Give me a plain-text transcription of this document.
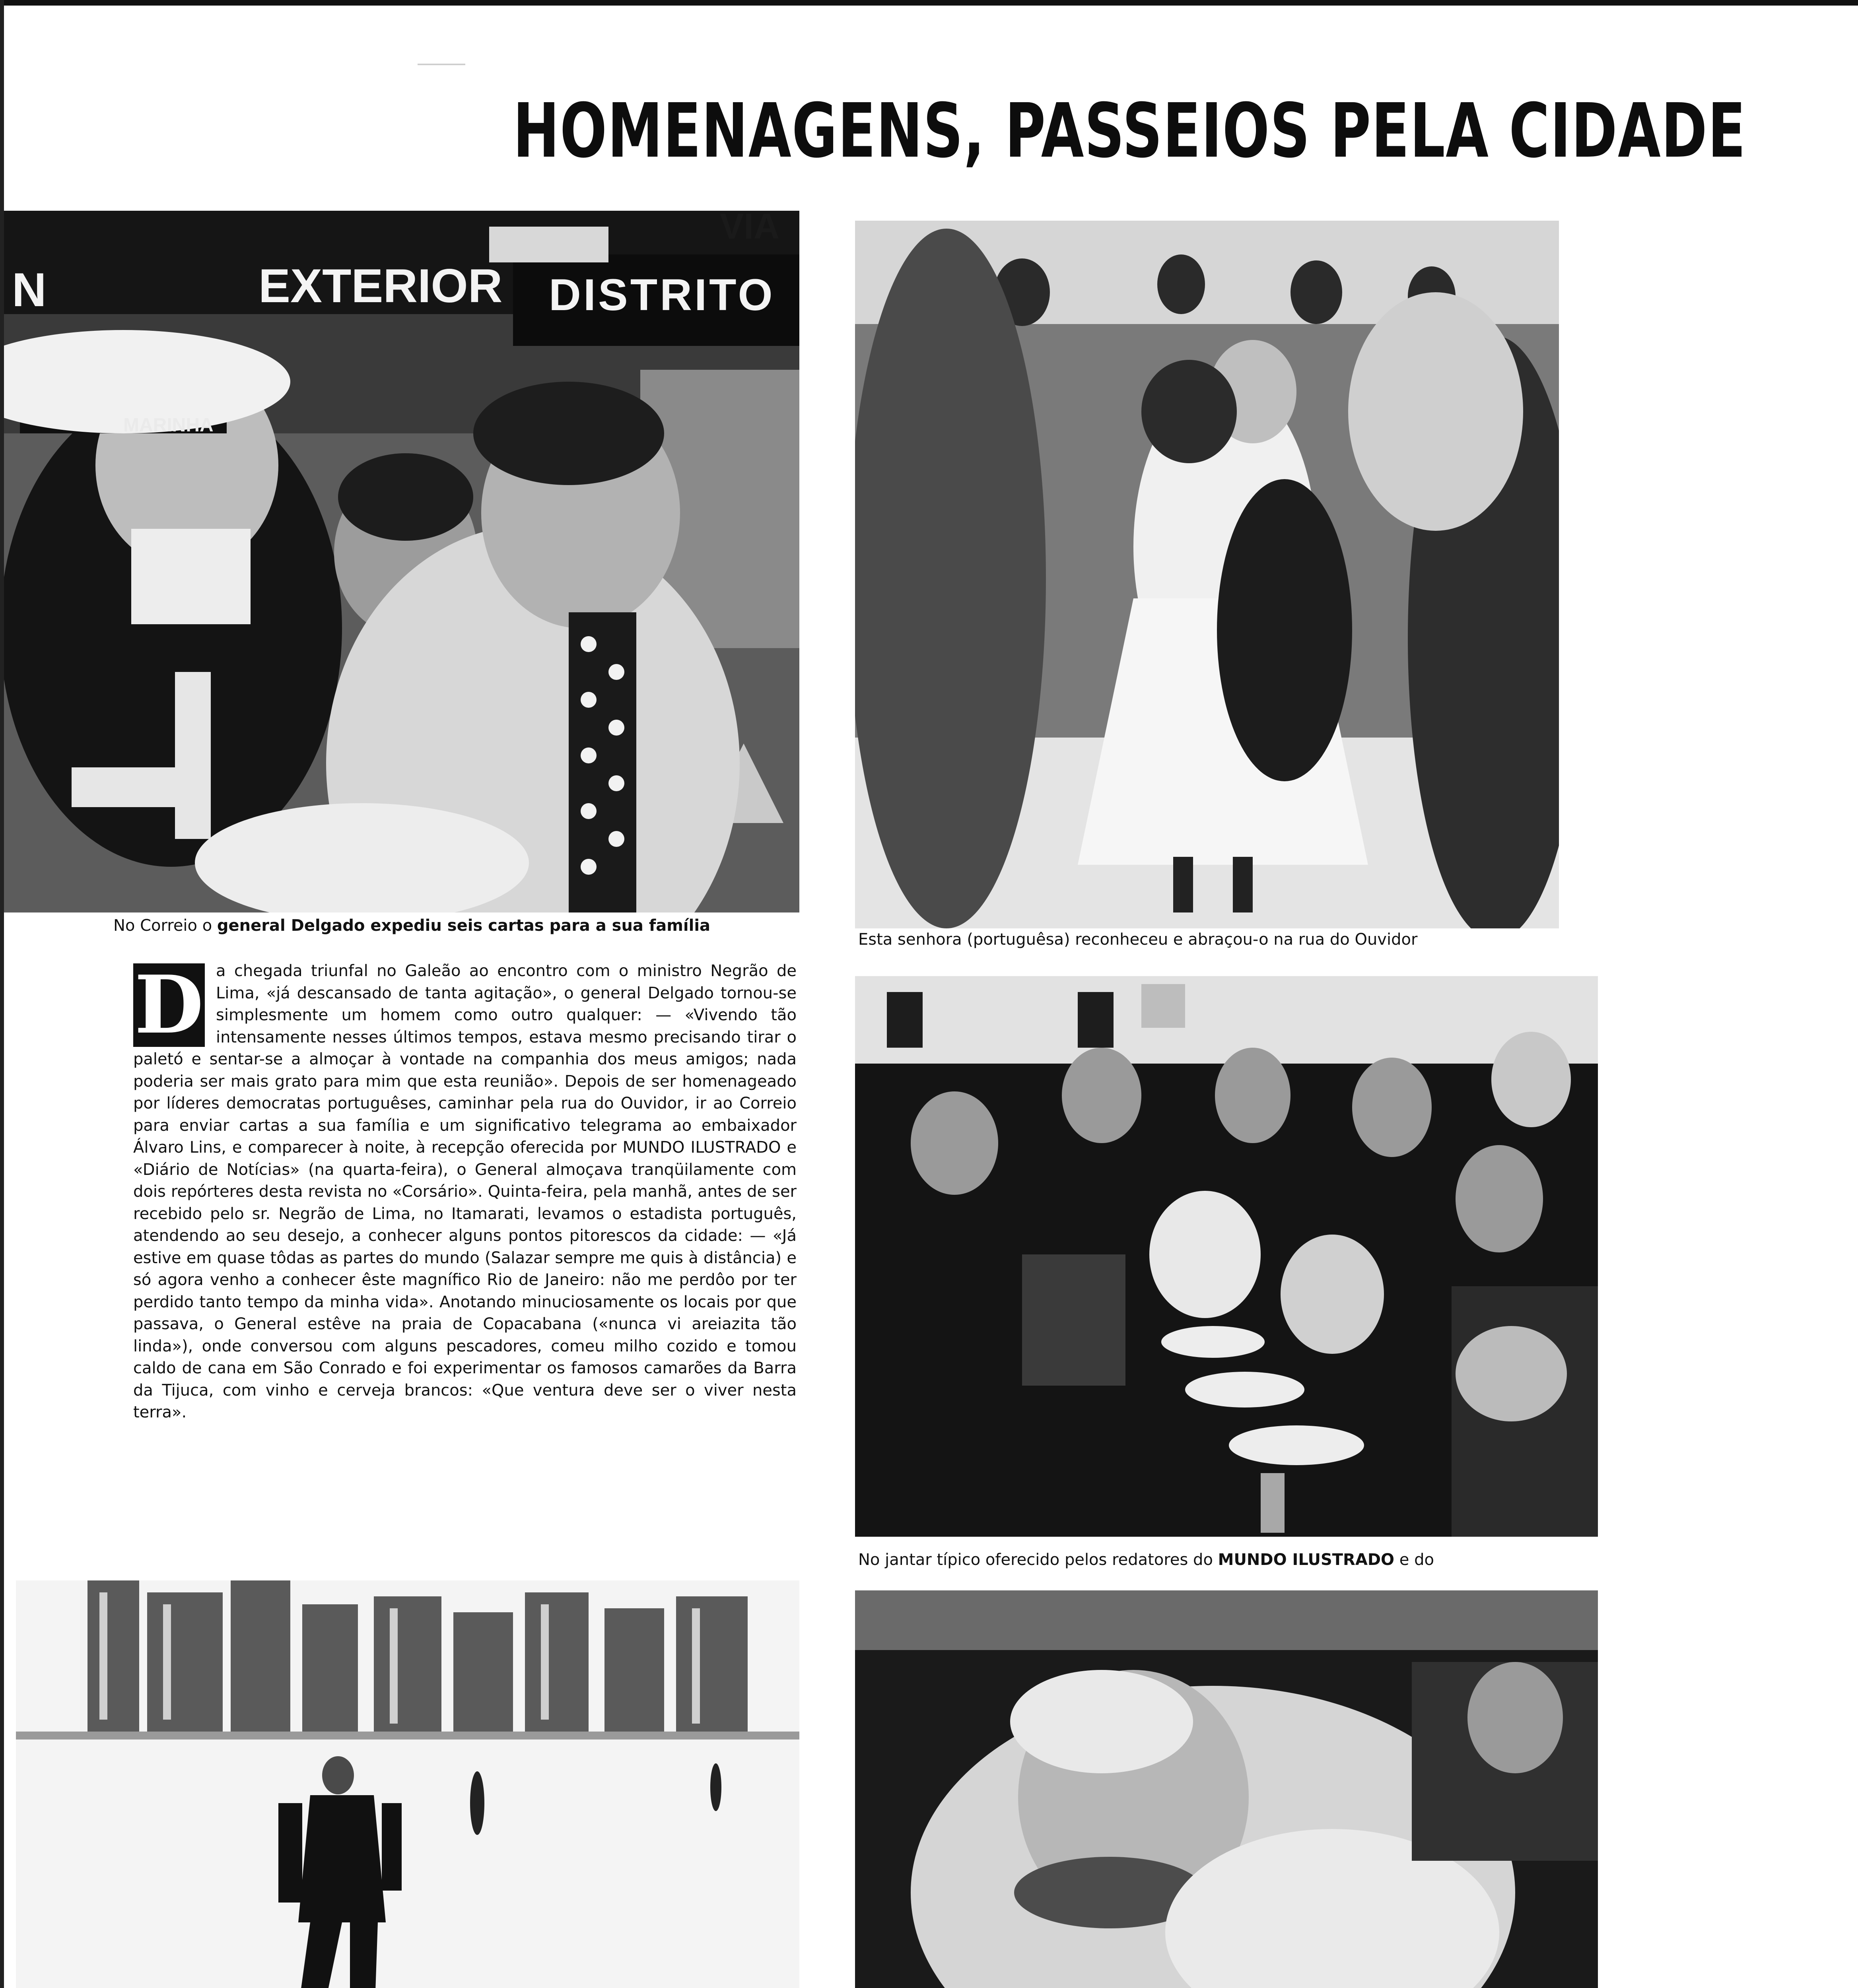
HOMENAGENS, PASSEIOS PELA CIDADE
N	EXTERIOR DISTRITO
VIA
MARINHA
No Correio o general Delgado expediu seis cartas para a sua família
D a chegada triunfal no Galeão ao encontro com o ministro Negrão de Lima, «já descansado de tanta agitação», o general Delgado tornou-se simplesmente um homem como outro qualquer: — «Vivendo tão intensamente nesses últimos tempos, estava mesmo precisando tirar o paletó e sentar-se a almoçar à vontade na companhia dos meus amigos; nada poderia ser mais grato para mim que esta reunião». Depois de ser homenageado por líderes democratas portuguêses, caminhar pela rua do Ouvidor, ir ao Correio para enviar cartas a sua família e um significativo telegrama ao embaixador Álvaro Lins, e comparecer à noite, à recepção oferecida por MUNDO ILUSTRADO e «Diário de Notícias» (na quarta-feira), o General almoçava tranqüilamente com dois repórteres desta revista no «Corsário». Quinta-feira, pela manhã, antes de ser recebido pelo sr. Negrão de Lima, no Itamarati, levamos o estadista português, atendendo ao seu desejo, a conhecer alguns pontos pitorescos da cidade: — «Já estive em quase tôdas as partes do mundo (Salazar sempre me quis à distância) e só agora venho a conhecer êste magnífico Rio de Janeiro: não me perdôo por ter perdido tanto tempo da minha vida». Anotando minuciosamente os locais por que passava, o General estêve na praia de Copacabana («nunca vi areiazita tão linda»), onde conversou com alguns pescadores, comeu milho cozido e tomou caldo de cana em São Conrado e foi experimentar os famosos camarões da Barra da Tijuca, com vinho e cerveja brancos: «Que ventura deve ser o viver nesta terra».

Esta senhora (portuguêsa) reconheceu e abraçou-o na rua do Ouvidor
No jantar típico oferecido pelos redatores do MUNDO ILUSTRADO e do
